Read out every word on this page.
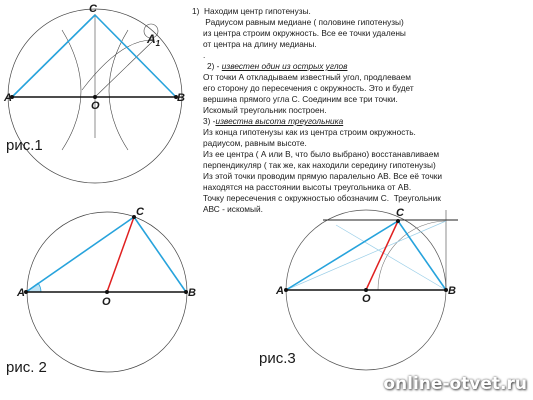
A	B
C
O
$A_1$
A	B
C
O
A	B
C
O
рис.1
рис. 2
рис.3
1) Находим центр гипотенузы.
Радиусом равным медиане ( половине гипотенузы)
из центра строим окружность. Все ее точки удалены
от центра на длину медианы.
.
2) - известен один из острых углов
От точки А откладываем известный угол, продлеваем
его сторону до пересечения с окружность. Это и будет
вершина прямого угла С. Соединим все три точки.
Искомый треугольник построен.
3) -известна высота треугольника
Из конца гипотенузы как из центра строим окружность.
радиусом, равным высоте.
Из ее центра ( А или В, что было выбрано) восстанавливаем
перпендикуляр ( так же, как находили середину гипотенузы)
Из этой точки проводим прямую паралельно АВ. Все её точки
находятся на расстоянии высоты треугольника от АВ.
Точку пересечения с окружностью обозначим С.  Треугольник
АВС - искомый.
online-otvet.ru
